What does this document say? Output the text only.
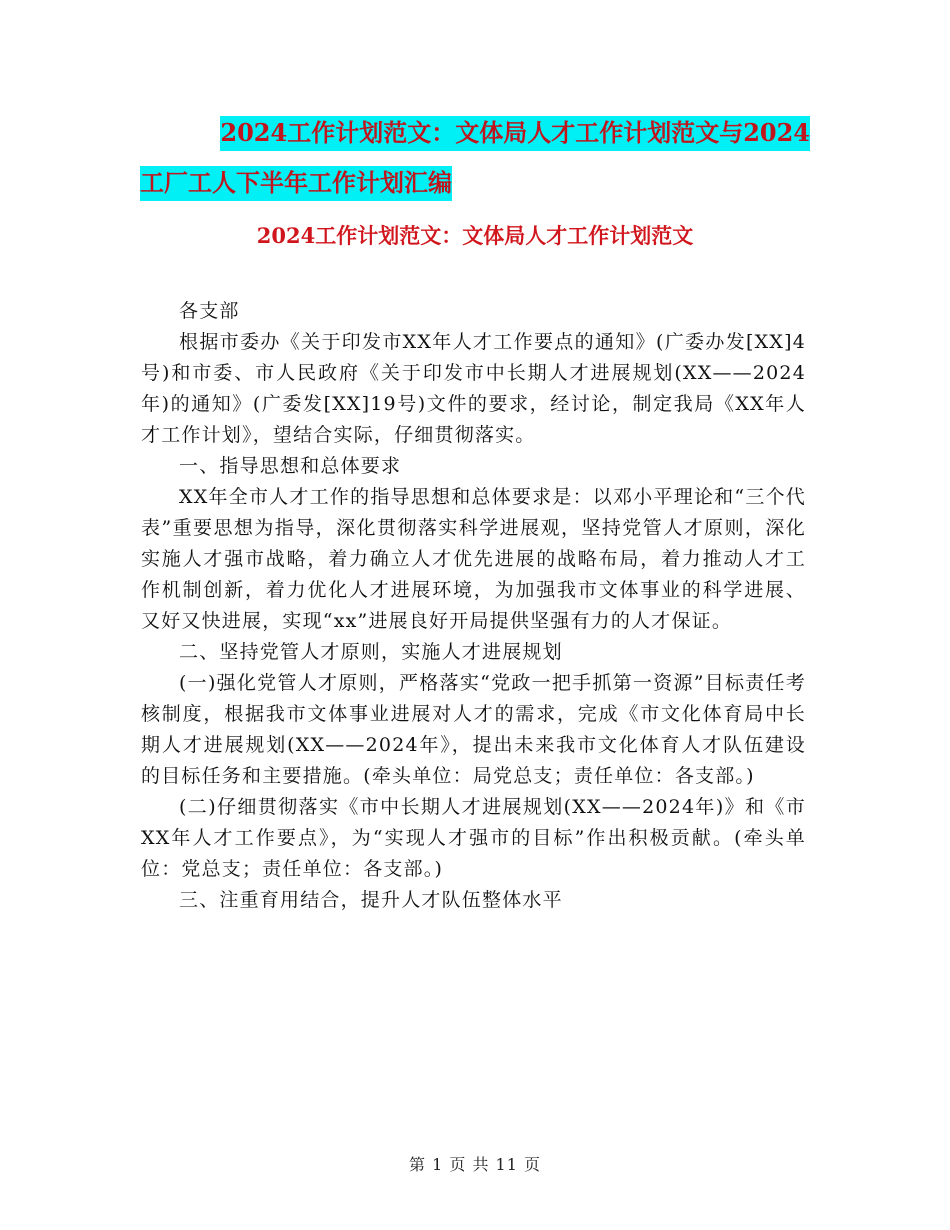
2024工作计划范文：文体局人才工作计划范文与2024
工厂工人下半年工作计划汇编
2024工作计划范文：文体局人才工作计划范文

各支部

根据市委办《关于印发市XX年人才工作要点的通知》(广委办发[XX]4号)和市委、市人民政府《关于印发市中长期人才进展规划(XX——2024年)的通知》(广委发[XX]19号)文件的要求，经讨论，制定我局《XX年人才工作计划》，望结合实际，仔细贯彻落实。

一、指导思想和总体要求

XX年全市人才工作的指导思想和总体要求是：以邓小平理论和“三个代表”重要思想为指导，深化贯彻落实科学进展观，坚持党管人才原则，深化实施人才强市战略，着力确立人才优先进展的战略布局，着力推动人才工作机制创新，着力优化人才进展环境，为加强我市文体事业的科学进展、又好又快进展，实现“xx”进展良好开局提供坚强有力的人才保证。

二、坚持党管人才原则，实施人才进展规划

(一)强化党管人才原则，严格落实“党政一把手抓第一资源”目标责任考核制度，根据我市文体事业进展对人才的需求，完成《市文化体育局中长期人才进展规划(XX——2024年》，提出未来我市文化体育人才队伍建设的目标任务和主要措施。(牵头单位：局党总支；责任单位：各支部。)

(二)仔细贯彻落实《市中长期人才进展规划(XX——2024年)》和《市XX年人才工作要点》，为“实现人才强市的目标”作出积极贡献。(牵头单位：党总支；责任单位：各支部。)

三、注重育用结合，提升人才队伍整体水平

第 1 页 共 11 页
